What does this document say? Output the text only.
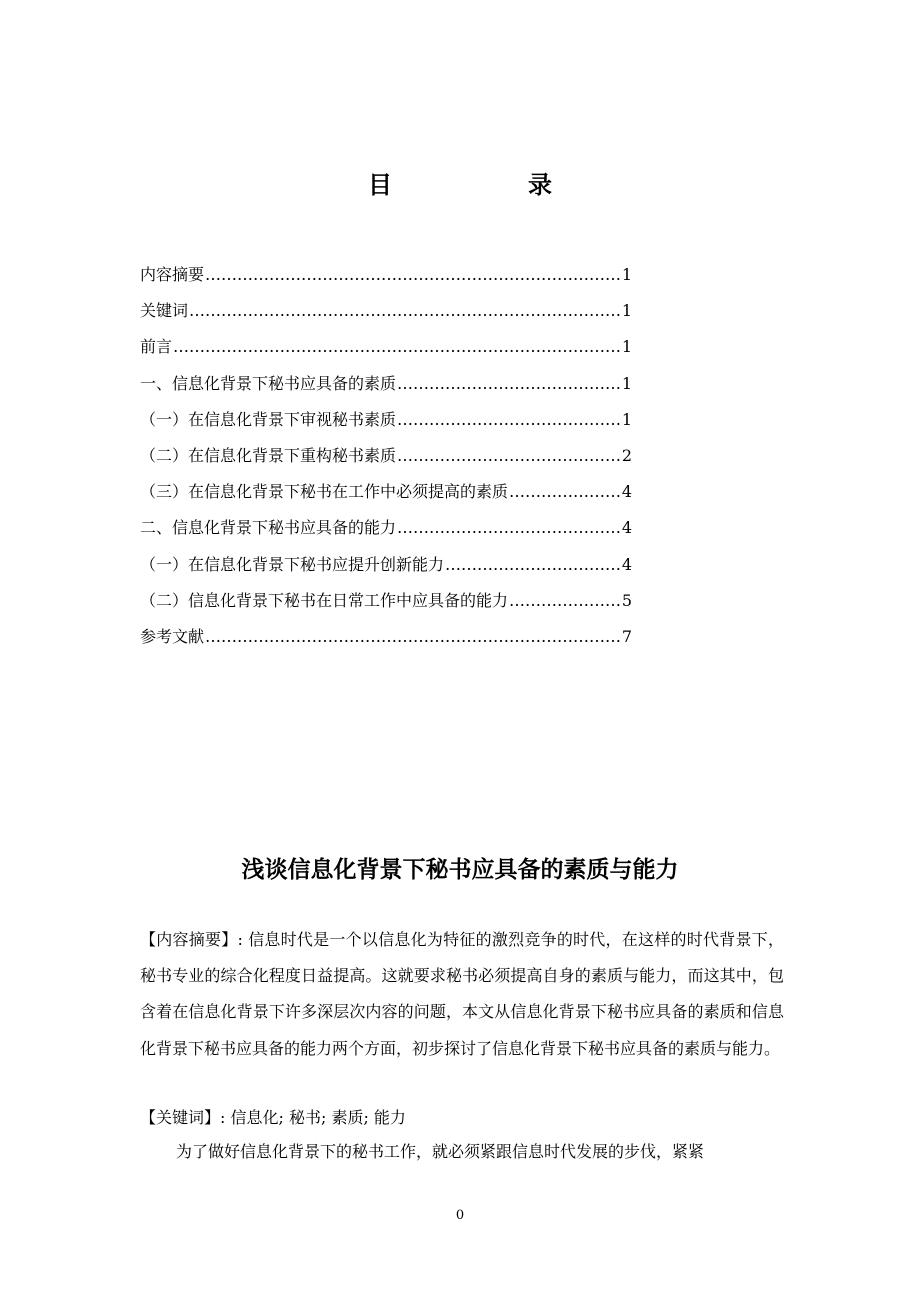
目	录
内容摘要 …………………………………………………………………………………………………………………………	1
关键词 …………………………………………………………………………………………………………………………	1
前言 …………………………………………………………………………………………………………………………	1
一、信息化背景下秘书应具备的素质 …………………………………………………………………………………………………………………………	1
（一）在信息化背景下审视秘书素质 …………………………………………………………………………………………………………………………	1
（二）在信息化背景下重构秘书素质 …………………………………………………………………………………………………………………………	2
（三）在信息化背景下秘书在工作中必须提高的素质 …………………………………………………………………………………………………………………………	4
二、信息化背景下秘书应具备的能力 …………………………………………………………………………………………………………………………	4
（一）在信息化背景下秘书应提升创新能力 …………………………………………………………………………………………………………………………	4
（二）信息化背景下秘书在日常工作中应具备的能力 …………………………………………………………………………………………………………………………	5
参考文献 …………………………………………………………………………………………………………………………	7
浅谈信息化背景下秘书应具备的素质与能力

【内容摘要】: 信息时代是一个以信息化为特征的激烈竞争的时代，在这样的时代背景下，秘书专业的综合化程度日益提高。这就要求秘书必须提高自身的素质与能力，而这其中，包含着在信息化背景下许多深层次内容的问题，本文从信息化背景下秘书应具备的素质和信息化背景下秘书应具备的能力两个方面，初步探讨了信息化背景下秘书应具备的素质与能力。

【关键词】: 信息化; 秘书; 素质; 能力

为了做好信息化背景下的秘书工作，就必须紧跟信息时代发展的步伐，紧紧

0
